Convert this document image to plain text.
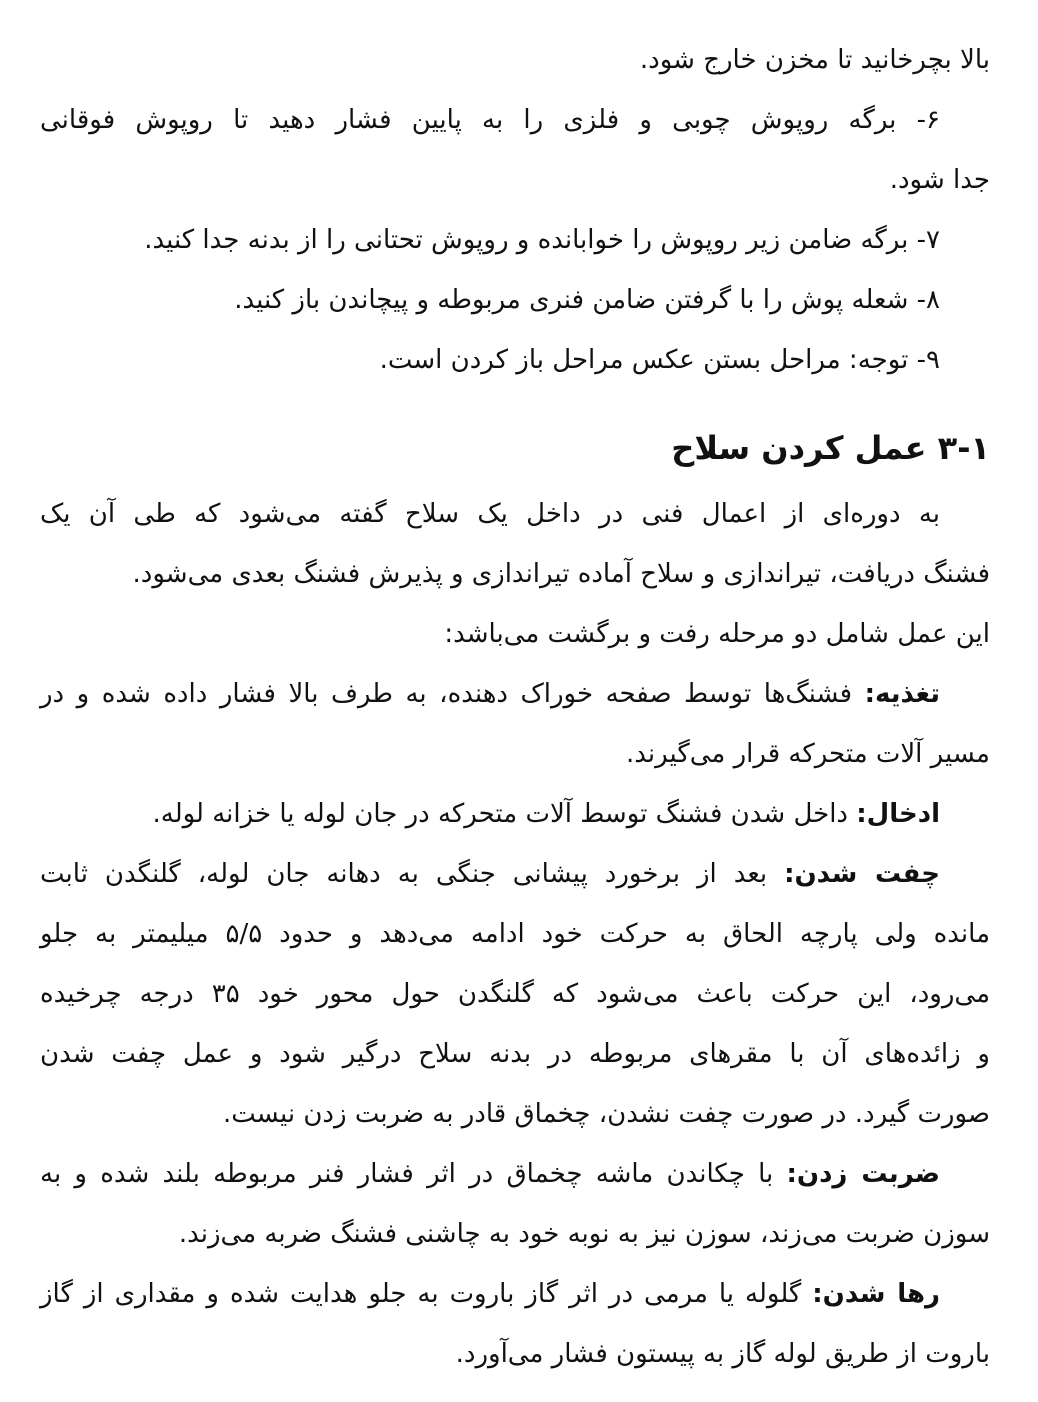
بالا بچرخانید تا مخزن خارج شود.
۶- برگه روپوش چوبی و فلزی را به پایین فشار دهید تا روپوش فوقانی
جدا شود.
۷- برگه ضامن زیر روپوش را خوابانده و روپوش تحتانی را از بدنه جدا کنید.
۸- شعله پوش را با گرفتن ضامن فنری مربوطه و پیچاندن باز کنید.
۹- توجه: مراحل بستن عکس مراحل باز کردن است.
۳-۱ عمل کردن سلاح
به دوره‌ای از اعمال فنی در داخل یک سلاح گفته می‌شود که طی آن یک
فشنگ دریافت، تیراندازی و سلاح آماده تیراندازی و پذیرش فشنگ بعدی می‌شود.
این عمل شامل دو مرحله رفت و برگشت می‌باشد:
تغذیه: فشنگ‌ها توسط صفحه خوراک دهنده، به طرف بالا فشار داده شده و در
مسیر آلات متحرکه قرار می‌گیرند.
ادخال: داخل شدن فشنگ توسط آلات متحرکه در جان لوله یا خزانه لوله.
چفت شدن: بعد از برخورد پیشانی جنگی به دهانه جان لوله، گلنگدن ثابت
مانده ولی پارچه الحاق به حرکت خود ادامه می‌دهد و حدود ۵/۵ میلیمتر به جلو
می‌رود، این حرکت باعث می‌شود که گلنگدن حول محور خود ۳۵ درجه چرخیده
و زائده‌های آن با مقرهای مربوطه در بدنه سلاح درگیر شود و عمل چفت شدن
صورت گیرد. در صورت چفت نشدن، چخماق قادر به ضربت زدن نیست.
ضربت زدن: با چکاندن ماشه چخماق در اثر فشار فنر مربوطه بلند شده و به
سوزن ضربت می‌زند، سوزن نیز به نوبه خود به چاشنی فشنگ ضربه می‌زند.
رها شدن: گلوله یا مرمی در اثر گاز باروت به جلو هدایت شده و مقداری از گاز
باروت از طریق لوله گاز به پیستون فشار می‌آورد.
